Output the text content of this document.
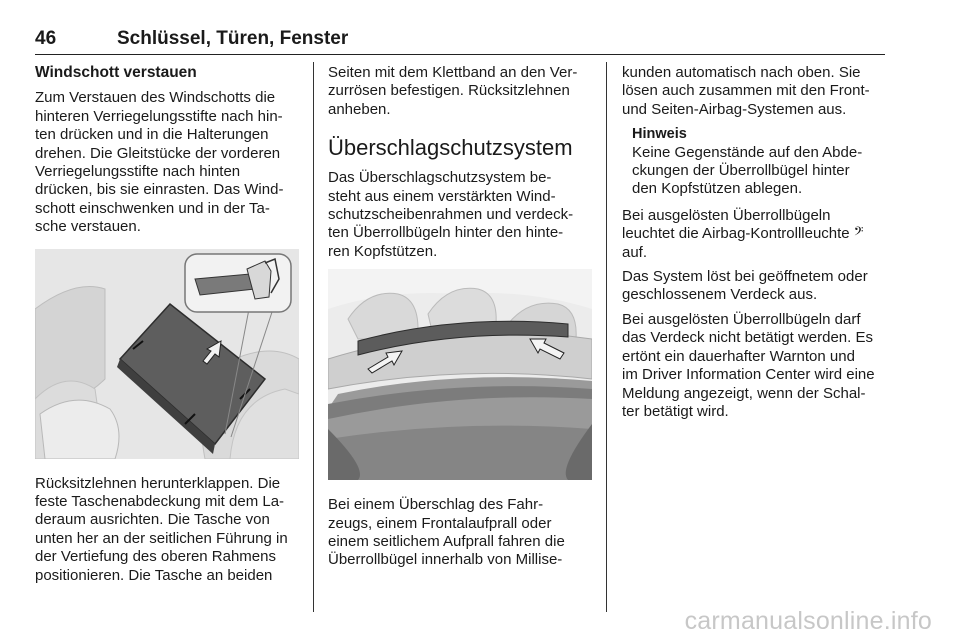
46	Schlüssel, Türen, Fenster
Windschott verstauen
Zum Verstauen des Windschotts die
hinteren Verriegelungsstifte nach hin-
ten drücken und in die Halterungen
drehen. Die Gleitstücke der vorderen
Verriegelungsstifte nach hinten
drücken, bis sie einrasten. Das Wind-
schott einschwenken und in der Ta-
sche verstauen.
Rücksitzlehnen herunterklappen. Die
feste Taschenabdeckung mit dem La-
deraum ausrichten. Die Tasche von
unten her an der seitlichen Führung in
der Vertiefung des oberen Rahmens
positionieren. Die Tasche an beiden
Seiten mit dem Klettband an den Ver-
zurrösen befestigen. Rücksitzlehnen
anheben.
Überschlagschutzsystem
Das Überschlagschutzsystem be-
steht aus einem verstärkten Wind-
schutzscheibenrahmen und verdeck-
ten Überrollbügeln hinter den hinte-
ren Kopfstützen.
Bei einem Überschlag des Fahr-
zeugs, einem Frontalaufprall oder
einem seitlichem Aufprall fahren die
Überrollbügel innerhalb von Millise-
kunden automatisch nach oben. Sie
lösen auch zusammen mit den Front-
und Seiten-Airbag-Systemen aus.
Hinweis
Keine Gegenstände auf den Abde-
ckungen der Überrollbügel hinter
den Kopfstützen ablegen.
Bei ausgelösten Überrollbügeln
leuchtet die Airbag-Kontrollleuchte 𝄢
auf.
Das System löst bei geöffnetem oder
geschlossenem Verdeck aus.
Bei ausgelösten Überrollbügeln darf
das Verdeck nicht betätigt werden. Es
ertönt ein dauerhafter Warnton und
im Driver Information Center wird eine
Meldung angezeigt, wenn der Schal-
ter betätigt wird.
carmanualsonline.info
